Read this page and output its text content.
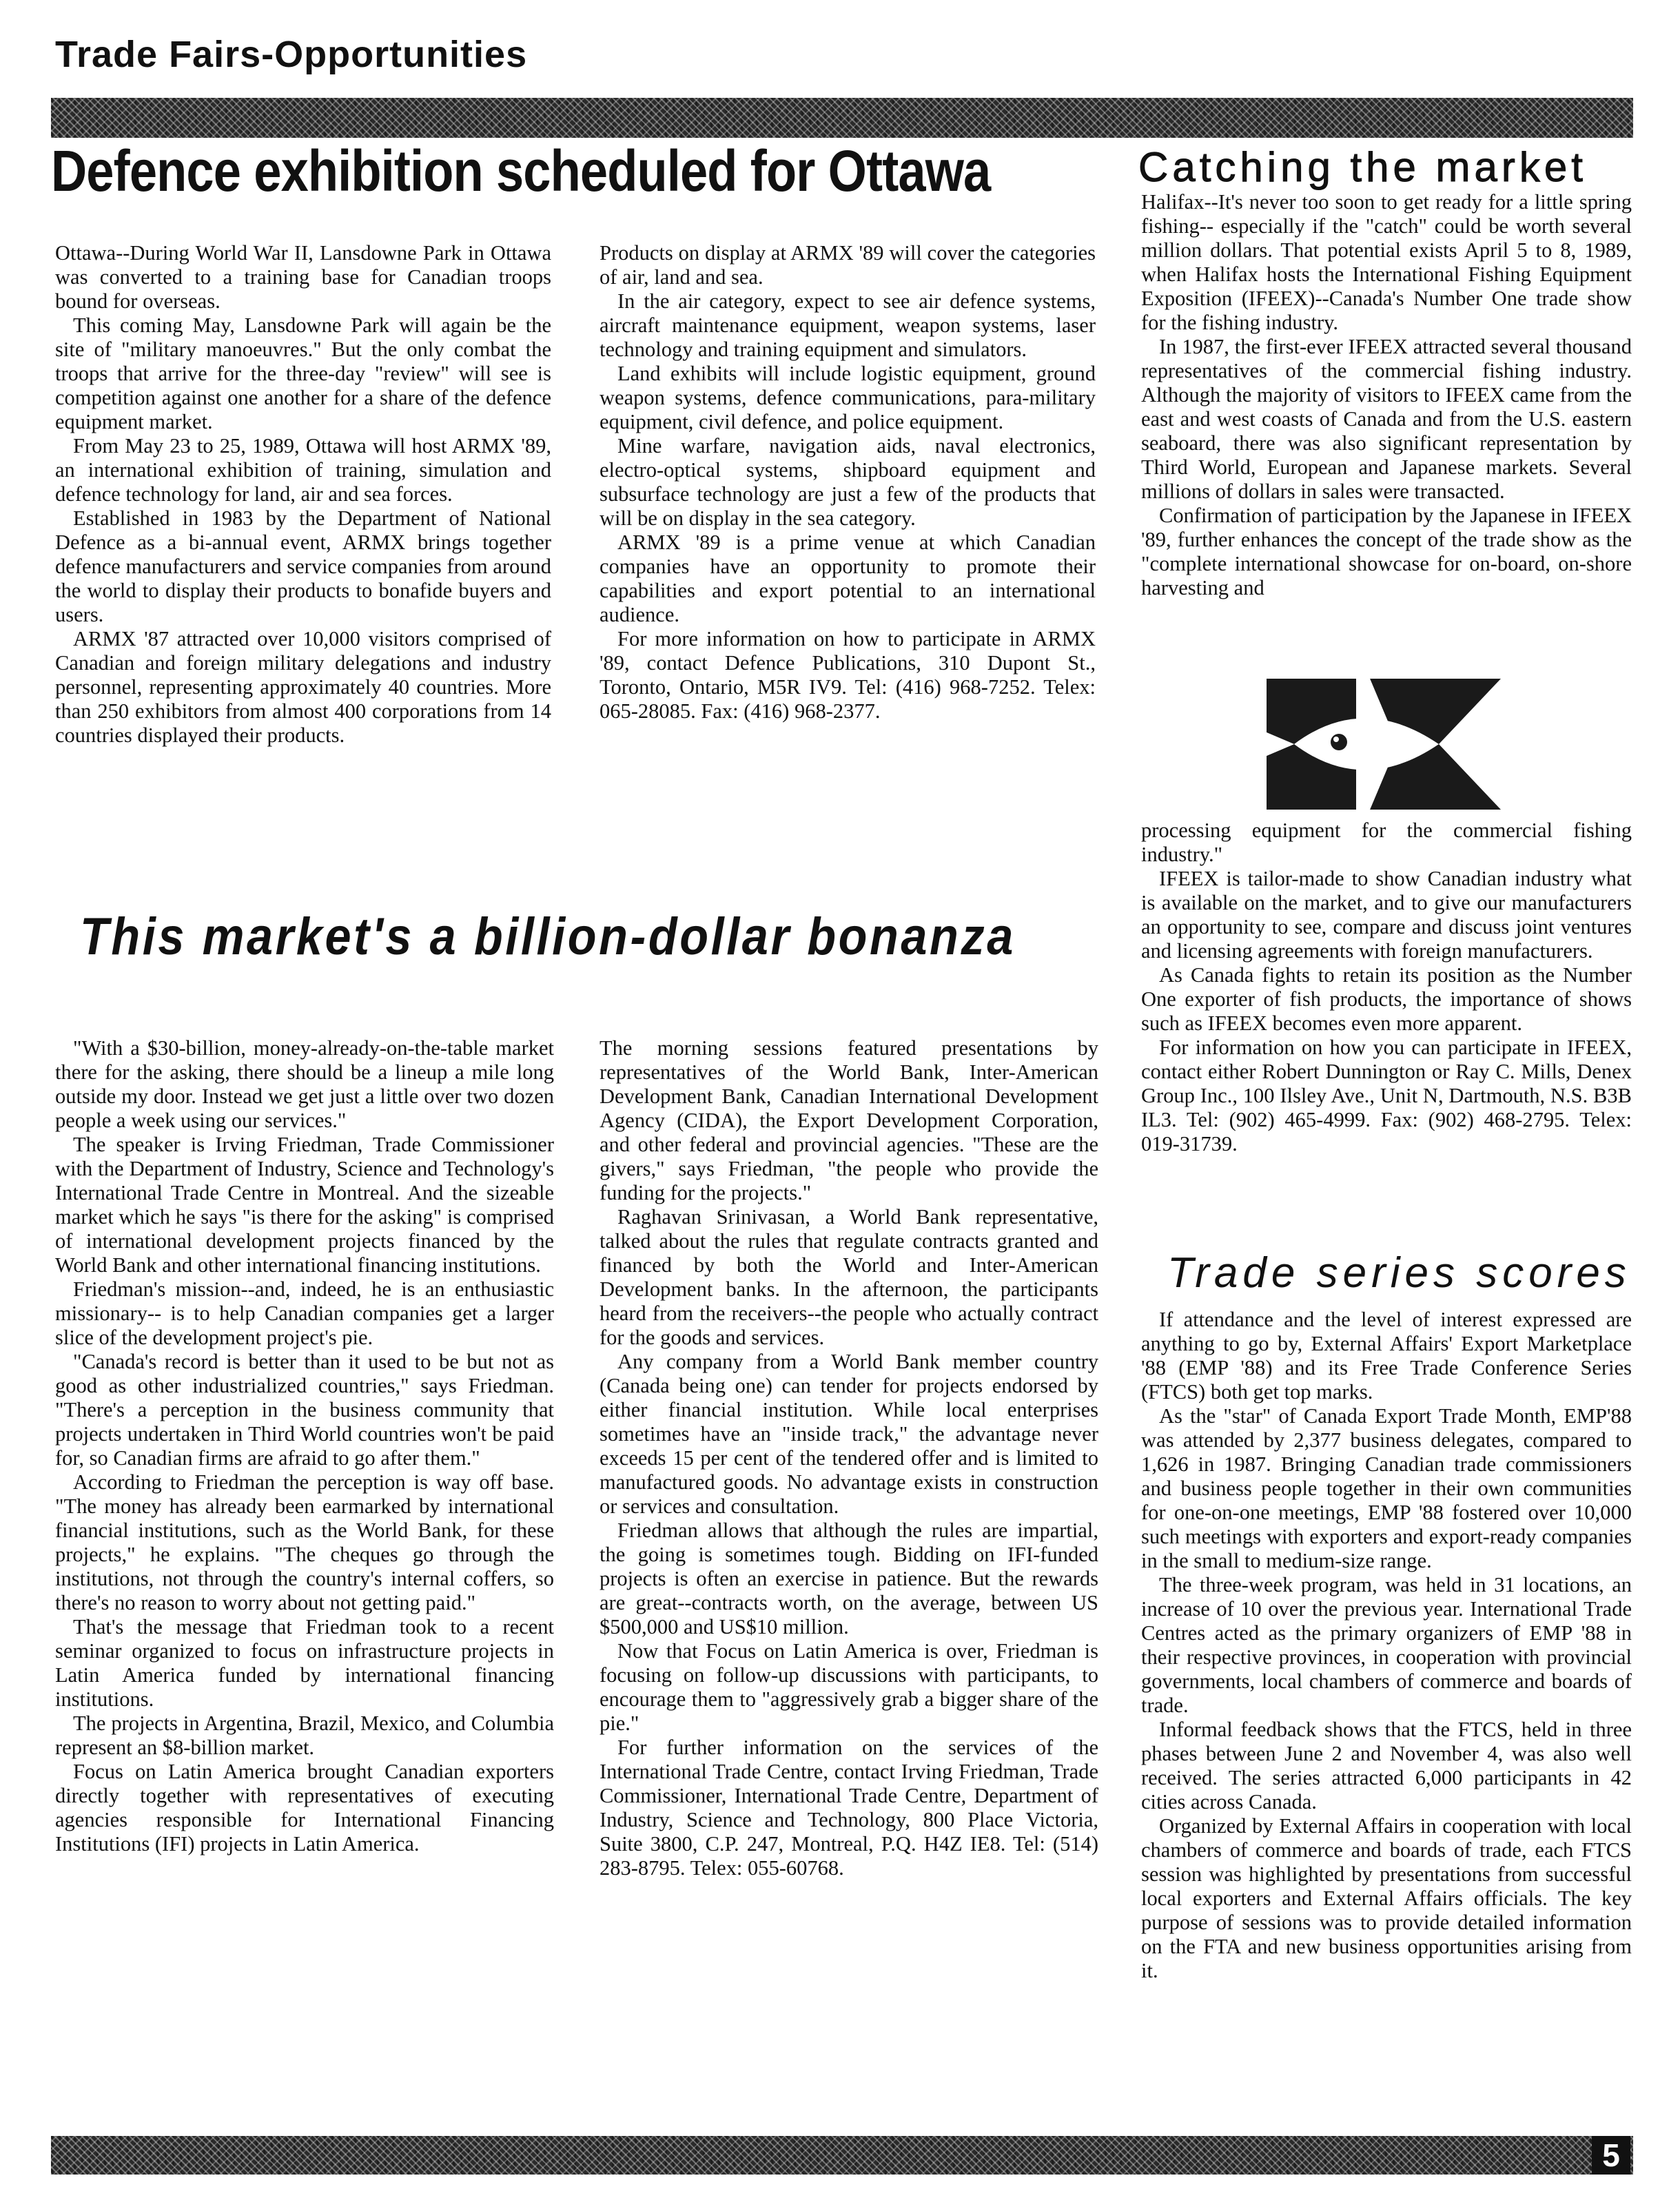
Trade Fairs-Opportunities
Defence exhibition scheduled for Ottawa

Ottawa--During World War II, Lansdowne Park in Ottawa was converted to a training base for Canadian troops bound for overseas.

This coming May, Lansdowne Park will again be the site of "military manoeuvres." But the only combat the troops that arrive for the three-day "review" will see is competition against one another for a share of the defence equipment market.

From May 23 to 25, 1989, Ottawa will host ARMX '89, an international exhibition of training, simulation and defence technology for land, air and sea forces.

Established in 1983 by the Department of National Defence as a bi-annual event, ARMX brings together defence manufacturers and service companies from around the world to display their products to bonafide buyers and users.

ARMX '87 attracted over 10,000 visitors comprised of Canadian and foreign military delegations and industry personnel, representing approximately 40 countries. More than 250 exhibitors from almost 400 corporations from 14 countries displayed their products.

Products on display at ARMX '89 will cover the categories of air, land and sea.

In the air category, expect to see air defence systems, aircraft maintenance equipment, weapon systems, laser technology and training equipment and simulators.

Land exhibits will include logistic equipment, ground weapon systems, defence communications, para-military equipment, civil defence, and police equipment.

Mine warfare, navigation aids, naval electronics, electro-optical systems, shipboard equipment and subsurface technology are just a few of the products that will be on display in the sea category.

ARMX '89 is a prime venue at which Canadian companies have an opportunity to promote their capabilities and export potential to an international audience.

For more information on how to participate in ARMX '89, contact Defence Publications, 310 Dupont St., Toronto, Ontario, M5R IV9. Tel: (416) 968-7252. Telex: 065-28085. Fax: (416) 968-2377.

This market's a billion-dollar bonanza

"With a $30-billion, money-already-on-the-table market there for the asking, there should be a lineup a mile long outside my door. Instead we get just a little over two dozen people a week using our services."

The speaker is Irving Friedman, Trade Commissioner with the Department of Industry, Science and Technology's International Trade Centre in Montreal. And the sizeable market which he says "is there for the asking" is comprised of international development projects financed by the World Bank and other international financing institutions.

Friedman's mission--and, indeed, he is an enthusiastic missionary-- is to help Canadian companies get a larger slice of the development project's pie.

"Canada's record is better than it used to be but not as good as other industrialized countries," says Friedman. "There's a perception in the business community that projects undertaken in Third World countries won't be paid for, so Canadian firms are afraid to go after them."

According to Friedman the perception is way off base. "The money has already been earmarked by international financial institutions, such as the World Bank, for these projects," he explains. "The cheques go through the institutions, not through the country's internal coffers, so there's no reason to worry about not getting paid."

That's the message that Friedman took to a recent seminar organized to focus on infrastructure projects in Latin America funded by international financing institutions.

The projects in Argentina, Brazil, Mexico, and Columbia represent an $8-billion market.

Focus on Latin America brought Canadian exporters directly together with representatives of executing agencies responsible for International Financing Institutions (IFI) projects in Latin America.

The morning sessions featured presentations by representatives of the World Bank, Inter-American Development Bank, Canadian International Development Agency (CIDA), the Export Development Corporation, and other federal and provincial agencies. "These are the givers," says Friedman, "the people who provide the funding for the projects."

Raghavan Srinivasan, a World Bank representative, talked about the rules that regulate contracts granted and financed by both the World and Inter-American Development banks. In the afternoon, the participants heard from the receivers--the people who actually contract for the goods and services.

Any company from a World Bank member country (Canada being one) can tender for projects endorsed by either financial institution. While local enterprises sometimes have an "inside track," the advantage never exceeds 15 per cent of the tendered offer and is limited to manufactured goods. No advantage exists in construction or services and consultation.

Friedman allows that although the rules are impartial, the going is sometimes tough. Bidding on IFI-funded projects is often an exercise in patience. But the rewards are great--contracts worth, on the average, between US $500,000 and US$10 million.

Now that Focus on Latin America is over, Friedman is focusing on follow-up discussions with participants, to encourage them to "aggressively grab a bigger share of the pie."

For further information on the services of the International Trade Centre, contact Irving Friedman, Trade Commissioner, International Trade Centre, Department of Industry, Science and Technology, 800 Place Victoria, Suite 3800, C.P. 247, Montreal, P.Q. H4Z IE8. Tel: (514) 283-8795. Telex: 055-60768.

Catching the market

Halifax--It's never too soon to get ready for a little spring fishing-- especially if the "catch" could be worth several million dollars. That potential exists April 5 to 8, 1989, when Halifax hosts the International Fishing Equipment Exposition (IFEEX)--Canada's Number One trade show for the fishing industry.

In 1987, the first-ever IFEEX attracted several thousand representatives of the commercial fishing industry. Although the majority of visitors to IFEEX came from the east and west coasts of Canada and from the U.S. eastern seaboard, there was also significant representation by Third World, European and Japanese markets. Several millions of dollars in sales were transacted.

Confirmation of participation by the Japanese in IFEEX '89, further enhances the concept of the trade show as the "complete international showcase for on-board, on-shore harvesting and

processing equipment for the commercial fishing industry."

IFEEX is tailor-made to show Canadian industry what is available on the market, and to give our manufacturers an opportunity to see, compare and discuss joint ventures and licensing agreements with foreign manufacturers.

As Canada fights to retain its position as the Number One exporter of fish products, the importance of shows such as IFEEX becomes even more apparent.

For information on how you can participate in IFEEX, contact either Robert Dunnington or Ray C. Mills, Denex Group Inc., 100 Ilsley Ave., Unit N, Dartmouth, N.S. B3B IL3. Tel: (902) 465-4999. Fax: (902) 468-2795. Telex: 019-31739.

Trade series scores

If attendance and the level of interest expressed are anything to go by, External Affairs' Export Marketplace '88 (EMP '88) and its Free Trade Conference Series (FTCS) both get top marks.

As the "star" of Canada Export Trade Month, EMP'88 was attended by 2,377 business delegates, compared to 1,626 in 1987. Bringing Canadian trade commissioners and business people together in their own communities for one-on-one meetings, EMP '88 fostered over 10,000 such meetings with exporters and export-ready companies in the small to medium-size range.

The three-week program, was held in 31 locations, an increase of 10 over the previous year. International Trade Centres acted as the primary organizers of EMP '88 in their respective provinces, in cooperation with provincial governments, local chambers of commerce and boards of trade.

Informal feedback shows that the FTCS, held in three phases between June 2 and November 4, was also well received. The series attracted 6,000 participants in 42 cities across Canada.

Organized by External Affairs in cooperation with local chambers of commerce and boards of trade, each FTCS session was highlighted by presentations from successful local exporters and External Affairs officials. The key purpose of sessions was to provide detailed information on the FTA and new business opportunities arising from it.

5
